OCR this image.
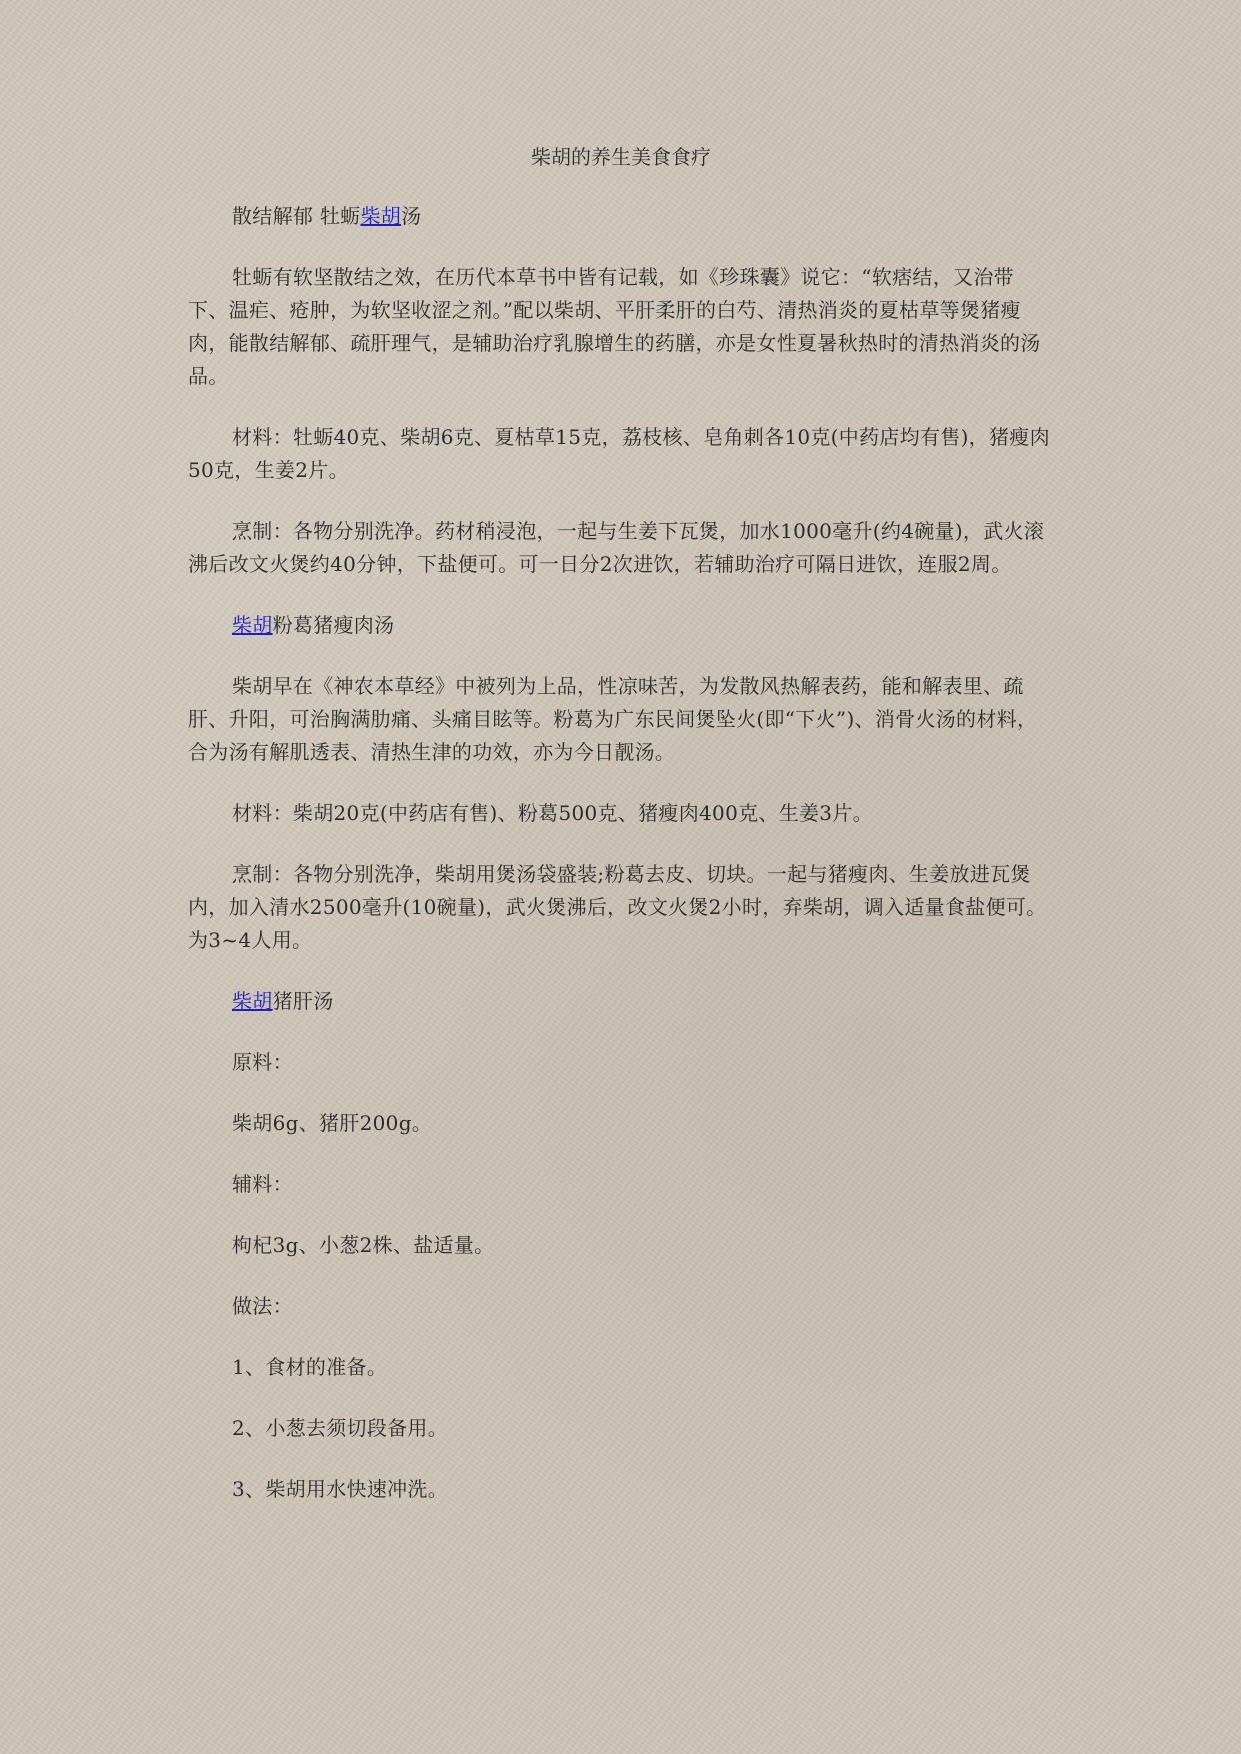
柴胡的养生美食食疗

散结解郁 牡蛎柴胡汤

牡蛎有软坚散结之效，在历代本草书中皆有记载，如《珍珠囊》说它：“软痞结，又治带下、温疟、疮肿，为软坚收涩之剂。”配以柴胡、平肝柔肝的白芍、清热消炎的夏枯草等煲猪瘦肉，能散结解郁、疏肝理气，是辅助治疗乳腺增生的药膳，亦是女性夏暑秋热时的清热消炎的汤品。

材料：牡蛎40克、柴胡6克、夏枯草15克，荔枝核、皂角刺各10克(中药店均有售)，猪瘦肉50克，生姜2片。

烹制：各物分别洗净。药材稍浸泡，一起与生姜下瓦煲，加水1000毫升(约4碗量)，武火滚沸后改文火煲约40分钟，下盐便可。可一日分2次进饮，若辅助治疗可隔日进饮，连服2周。

柴胡粉葛猪瘦肉汤

柴胡早在《神农本草经》中被列为上品，性凉味苦，为发散风热解表药，能和解表里、疏肝、升阳，可治胸满肋痛、头痛目眩等。粉葛为广东民间煲坠火(即“下火”)、消骨火汤的材料，合为汤有解肌透表、清热生津的功效，亦为今日靓汤。

材料：柴胡20克(中药店有售)、粉葛500克、猪瘦肉400克、生姜3片。

烹制：各物分别洗净，柴胡用煲汤袋盛装;粉葛去皮、切块。一起与猪瘦肉、生姜放进瓦煲内，加入清水2500毫升(10碗量)，武火煲沸后，改文火煲2小时，弃柴胡，调入适量食盐便可。为3~4人用。

柴胡猪肝汤

原料：

柴胡6g、猪肝200g。

辅料：

枸杞3g、小葱2株、盐适量。

做法：

1、食材的准备。

2、小葱去须切段备用。

3、柴胡用水快速冲洗。
